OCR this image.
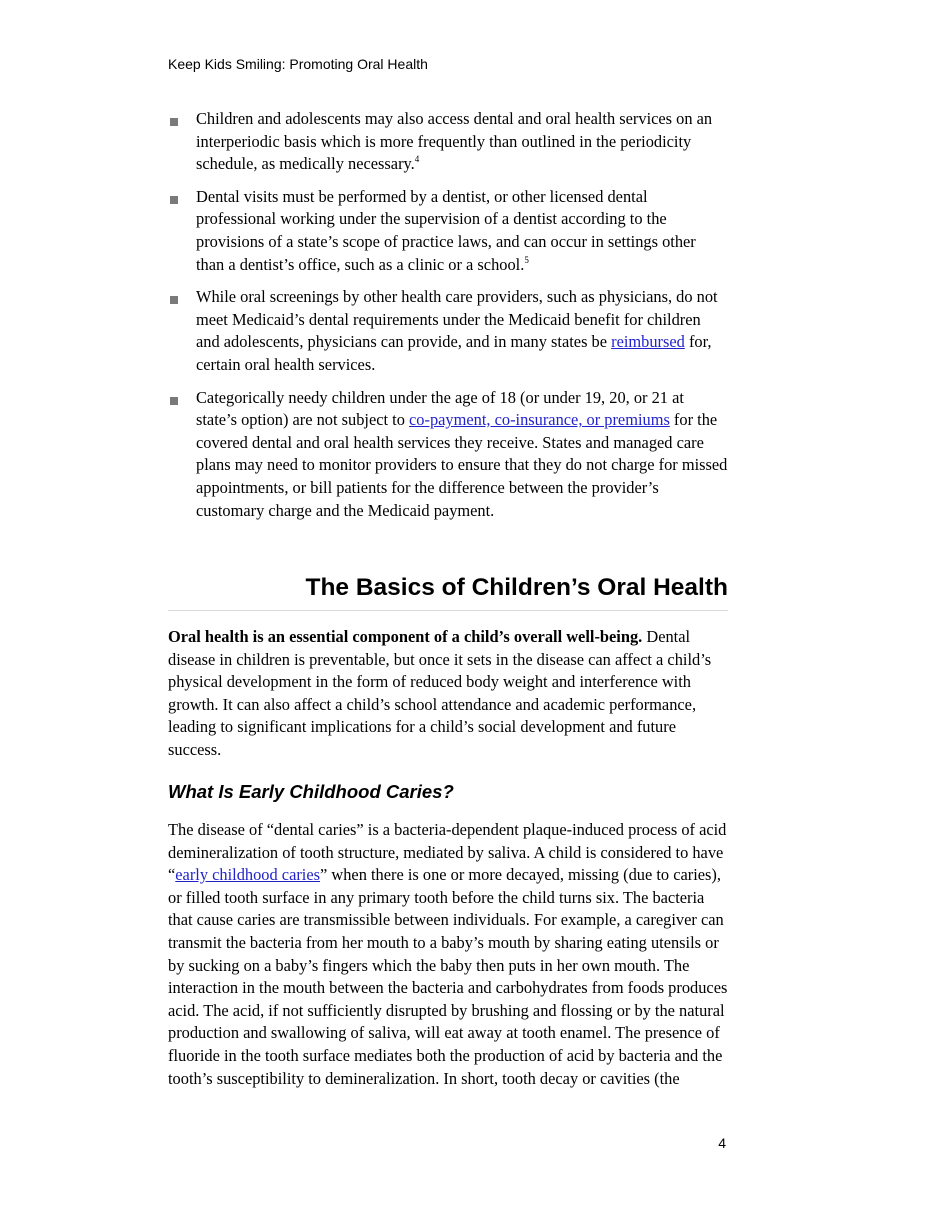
Keep Kids Smiling: Promoting Oral Health
Children and adolescents may also access dental and oral health services on an interperiodic basis which is more frequently than outlined in the periodicity schedule, as medically necessary.$^4$
Dental visits must be performed by a dentist, or other licensed dental professional working under the supervision of a dentist according to the provisions of a state’s scope of practice laws, and can occur in settings other than a dentist’s office, such as a clinic or a school.$^5$
While oral screenings by other health care providers, such as physicians, do not meet Medicaid’s dental requirements under the Medicaid benefit for children and adolescents, physicians can provide, and in many states be reimbursed for, certain oral health services.
Categorically needy children under the age of 18 (or under 19, 20, or 21 at state’s option) are not subject to co-payment, co-insurance, or premiums for the covered dental and oral health services they receive. States and managed care plans may need to monitor providers to ensure that they do not charge for missed appointments, or bill patients for the difference between the provider’s customary charge and the Medicaid payment.
The Basics of Children’s Oral Health

Oral health is an essential component of a child’s overall well-being. Dental disease in children is preventable, but once it sets in the disease can affect a child’s physical development in the form of reduced body weight and interference with growth. It can also affect a child’s school attendance and academic performance, leading to significant implications for a child’s social development and future success.

What Is Early Childhood Caries?

The disease of “dental caries” is a bacteria-dependent plaque-induced process of acid demineralization of tooth structure, mediated by saliva. A child is considered to have “early childhood caries” when there is one or more decayed, missing (due to caries), or filled tooth surface in any primary tooth before the child turns six. The bacteria that cause caries are transmissible between individuals. For example, a caregiver can transmit the bacteria from her mouth to a baby’s mouth by sharing eating utensils or by sucking on a baby’s fingers which the baby then puts in her own mouth. The interaction in the mouth between the bacteria and carbohydrates from foods produces acid. The acid, if not sufficiently disrupted by brushing and flossing or by the natural production and swallowing of saliva, will eat away at tooth enamel. The presence of fluoride in the tooth surface mediates both the production of acid by bacteria and the tooth’s susceptibility to demineralization. In short, tooth decay or cavities (the

4
